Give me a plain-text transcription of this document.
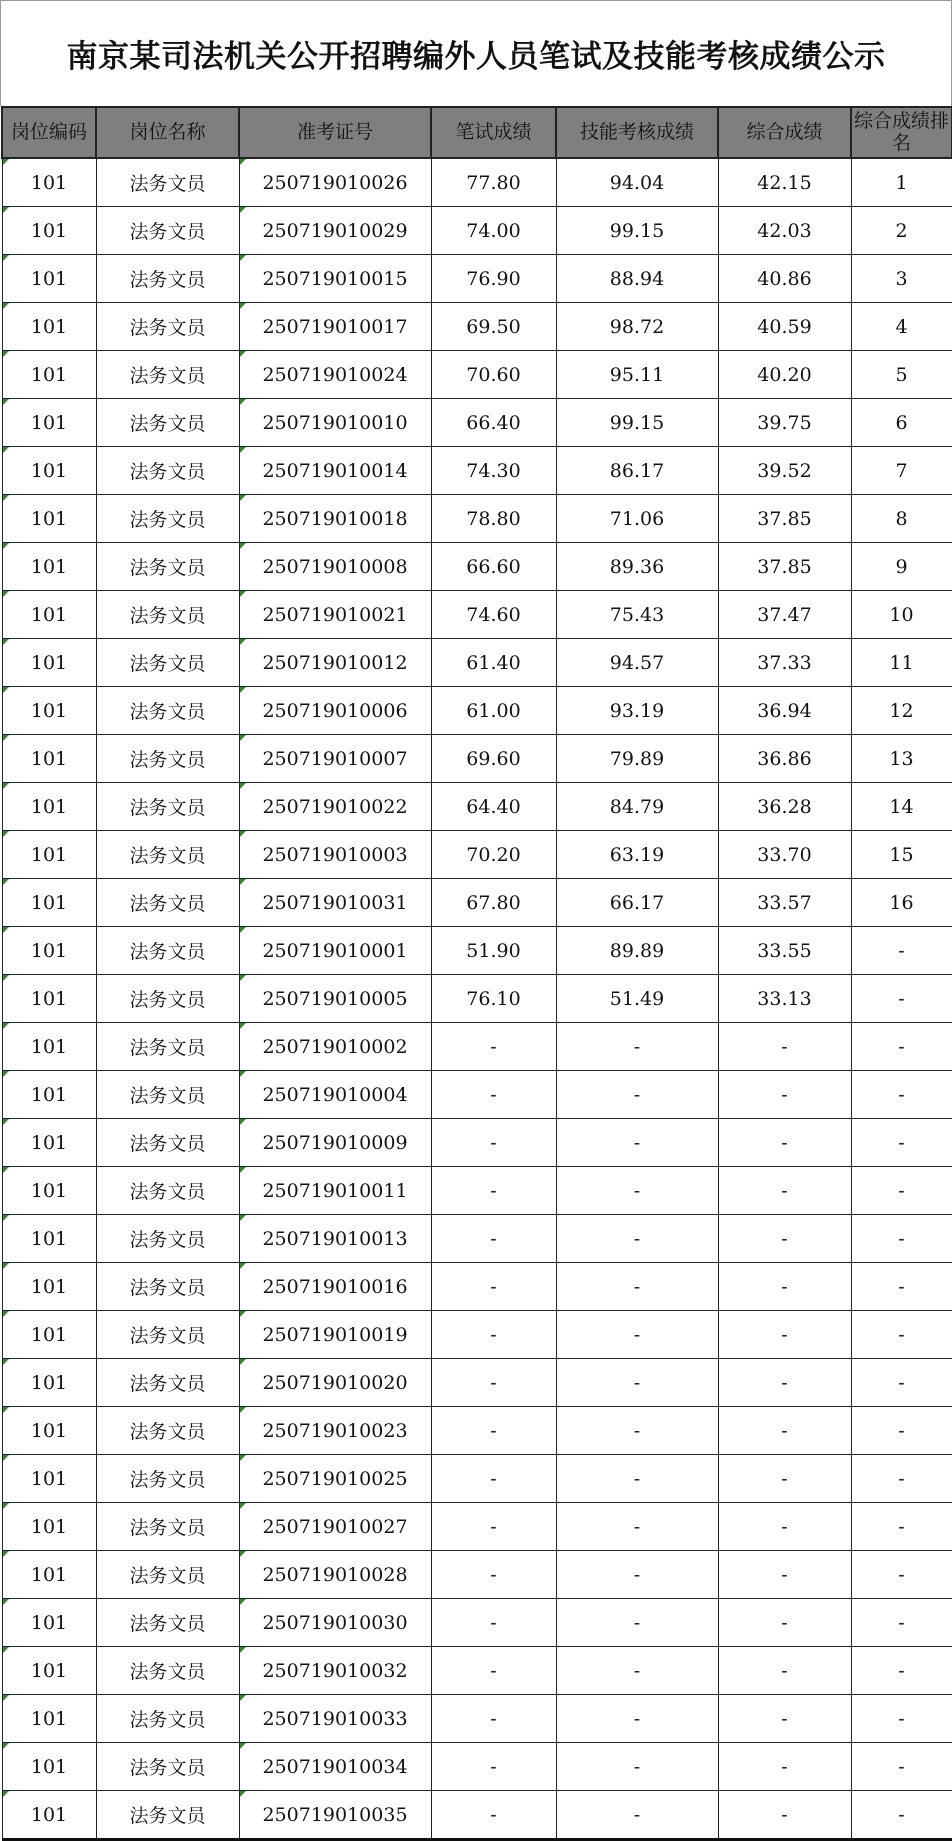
南京某司法机关公开招聘编外人员笔试及技能考核成绩公示
岗位编码	岗位名称	准考证号	笔试成绩	技能考核成绩	综合成绩	综合成绩排名
101	法务文员	250719010026	77.80	94.04	42.15	1
101	法务文员	250719010029	74.00	99.15	42.03	2
101	法务文员	250719010015	76.90	88.94	40.86	3
101	法务文员	250719010017	69.50	98.72	40.59	4
101	法务文员	250719010024	70.60	95.11	40.20	5
101	法务文员	250719010010	66.40	99.15	39.75	6
101	法务文员	250719010014	74.30	86.17	39.52	7
101	法务文员	250719010018	78.80	71.06	37.85	8
101	法务文员	250719010008	66.60	89.36	37.85	9
101	法务文员	250719010021	74.60	75.43	37.47	10
101	法务文员	250719010012	61.40	94.57	37.33	11
101	法务文员	250719010006	61.00	93.19	36.94	12
101	法务文员	250719010007	69.60	79.89	36.86	13
101	法务文员	250719010022	64.40	84.79	36.28	14
101	法务文员	250719010003	70.20	63.19	33.70	15
101	法务文员	250719010031	67.80	66.17	33.57	16
101	法务文员	250719010001	51.90	89.89	33.55	-
101	法务文员	250719010005	76.10	51.49	33.13	-
101	法务文员	250719010002	-	-	-	-
101	法务文员	250719010004	-	-	-	-
101	法务文员	250719010009	-	-	-	-
101	法务文员	250719010011	-	-	-	-
101	法务文员	250719010013	-	-	-	-
101	法务文员	250719010016	-	-	-	-
101	法务文员	250719010019	-	-	-	-
101	法务文员	250719010020	-	-	-	-
101	法务文员	250719010023	-	-	-	-
101	法务文员	250719010025	-	-	-	-
101	法务文员	250719010027	-	-	-	-
101	法务文员	250719010028	-	-	-	-
101	法务文员	250719010030	-	-	-	-
101	法务文员	250719010032	-	-	-	-
101	法务文员	250719010033	-	-	-	-
101	法务文员	250719010034	-	-	-	-
101	法务文员	250719010035	-	-	-	-
